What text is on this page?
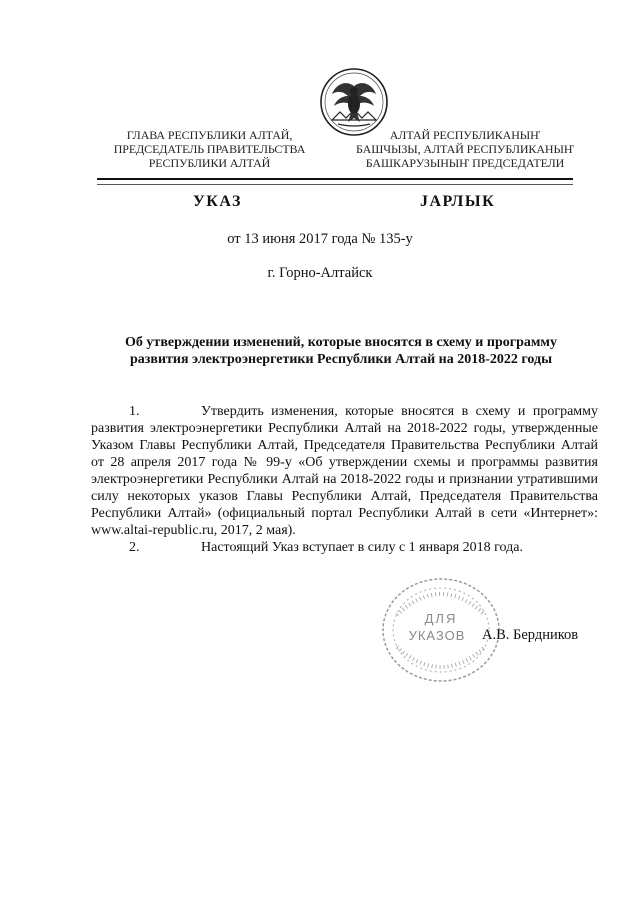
ГЛАВА РЕСПУБЛИКИ АЛТАЙ,
ПРЕДСЕДАТЕЛЬ ПРАВИТЕЛЬСТВА
РЕСПУБЛИКИ АЛТАЙ
АЛТАЙ РЕСПУБЛИКАНЫҤ
БАШЧЫЗЫ, АЛТАЙ РЕСПУБЛИКАНЫҤ
БАШКАРУЗЫНЫҤ ПРЕДСЕДАТЕЛИ
УКАЗ	JАРЛЫК
от 13 июня 2017 года № 135-у
г. Горно-Алтайск
Об утверждении изменений, которые вносятся в схему и программу
развития электроэнергетики Республики Алтай на 2018-2022 годы

1.	Утвердить изменения, которые вносятся в схему и программу развития электроэнергетики Республики Алтай на 2018-2022 годы, утвержденные Указом Главы Республики Алтай, Председателя Правительства Республики Алтай от 28 апреля 2017 года № 99-у «Об утверждении схемы и программы развития электроэнергетики Республики Алтай на 2018-2022 годы и признании утратившими силу некоторых указов Главы Республики Алтай, Председателя Правительства Республики Алтай» (официальный портал Республики Алтай в сети «Интернет»: www.altai-republic.ru, 2017, 2 мая).

2.	Настоящий Указ вступает в силу с 1 января 2018 года.

ДЛЯ
УКАЗОВ А.В. Бердников
